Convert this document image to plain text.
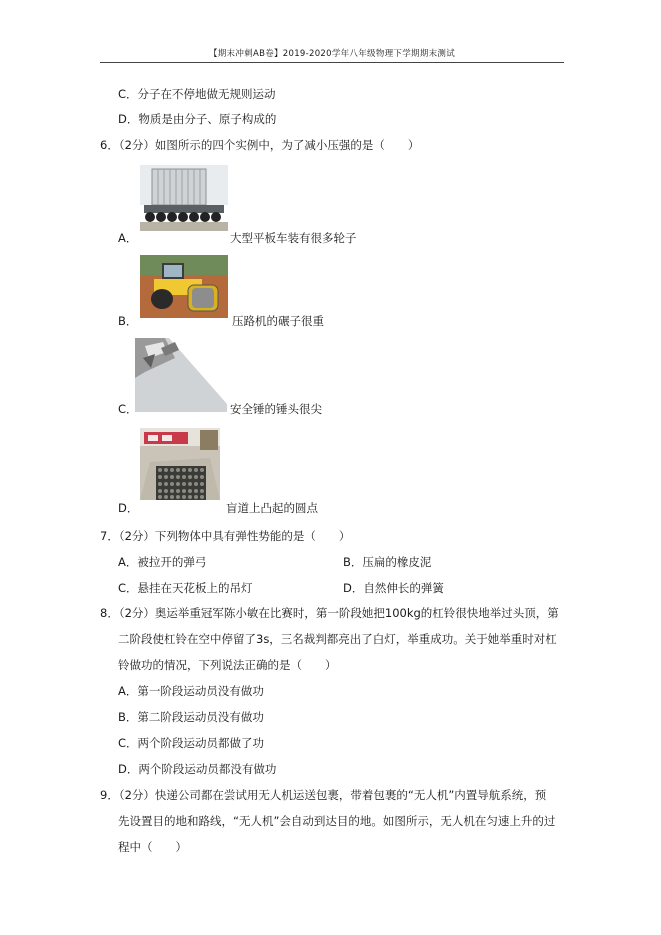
【期末冲刺AB卷】2019-2020学年八年级物理下学期期末测试
C．分子在不停地做无规则运动
D．物质是由分子、原子构成的
6．（2分）如图所示的四个实例中，为了减小压强的是（　　）
A．	大型平板车装有很多轮子
B．	压路机的碾子很重
C．	安全锤的锤头很尖
D．	盲道上凸起的圆点
7．（2分）下列物体中具有弹性势能的是（　　）
A．被拉开的弹弓	B．压扁的橡皮泥
C．悬挂在天花板上的吊灯	D．自然伸长的弹簧
8．（2分）奥运举重冠军陈小敏在比赛时，第一阶段她把100kg的杠铃很快地举过头顶，第
二阶段使杠铃在空中停留了3s，三名裁判都亮出了白灯，举重成功。关于她举重时对杠
铃做功的情况，下列说法正确的是（　　）
A．第一阶段运动员没有做功
B．第二阶段运动员没有做功
C．两个阶段运动员都做了功
D．两个阶段运动员都没有做功
9．（2分）快递公司都在尝试用无人机运送包裹，带着包裹的“无人机”内置导航系统，预
先设置目的地和路线，“无人机”会自动到达目的地。如图所示，无人机在匀速上升的过
程中（　　）
